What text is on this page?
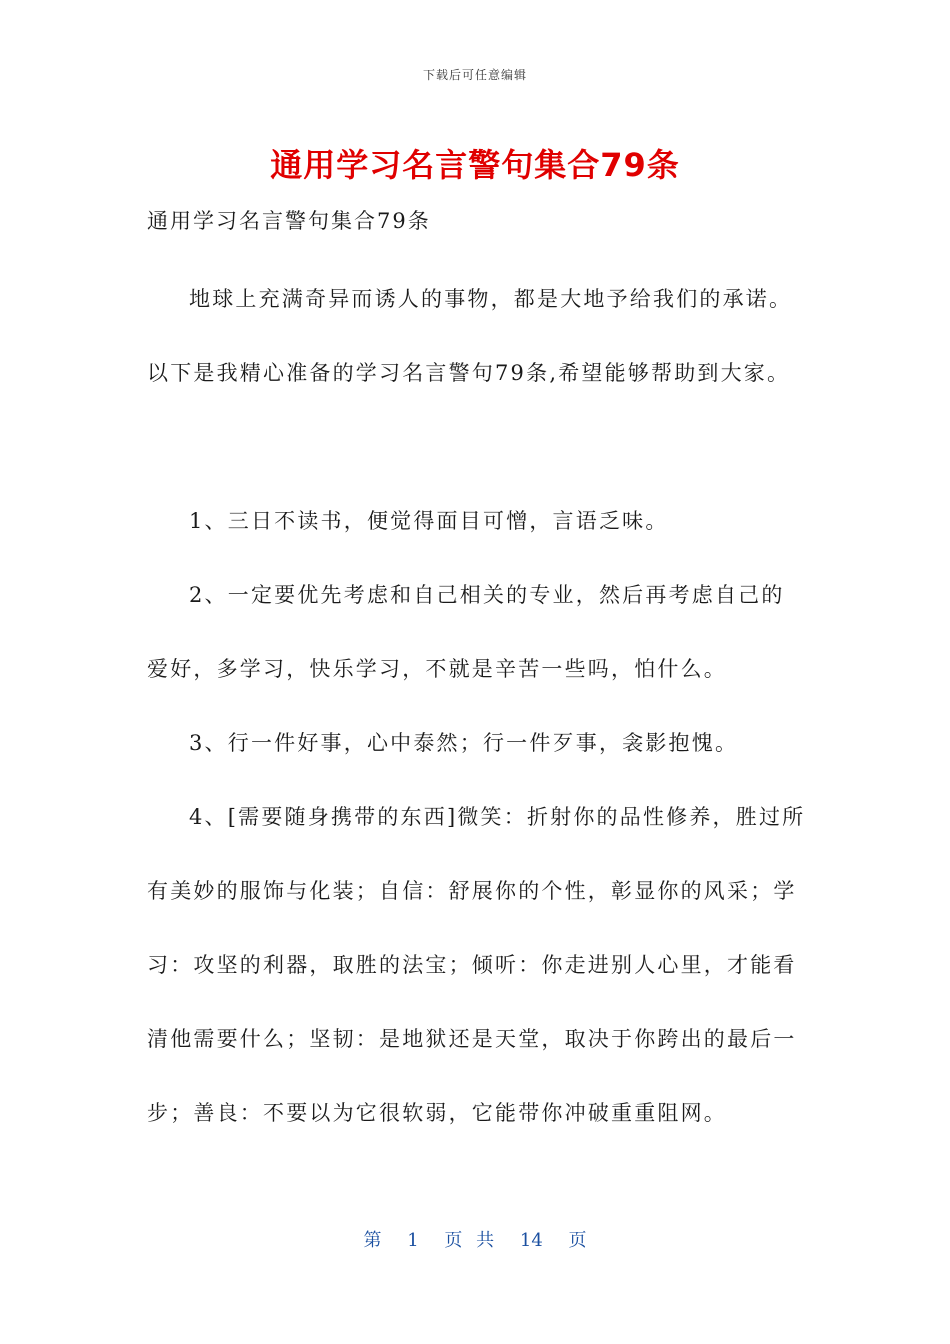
下载后可任意编辑
通用学习名言警句集合79条
通用学习名言警句集合79条

地球上充满奇异而诱人的事物，都是大地予给我们的承诺。以下是我精心准备的学习名言警句79条,希望能够帮助到大家。

1、三日不读书，便觉得面目可憎，言语乏味。

2、一定要优先考虑和自己相关的专业，然后再考虑自己的爱好，多学习，快乐学习，不就是辛苦一些吗，怕什么。

3、行一件好事，心中泰然；行一件歹事，衾影抱愧。

4、[需要随身携带的东西]微笑：折射你的品性修养，胜过所有美妙的服饰与化装；自信：舒展你的个性，彰显你的风采；学习：攻坚的利器，取胜的法宝；倾听：你走进别人心里，才能看清他需要什么；坚韧：是地狱还是天堂，取决于你跨出的最后一步；善良：不要以为它很软弱，它能带你冲破重重阻网。

第 1 页 共 14 页
